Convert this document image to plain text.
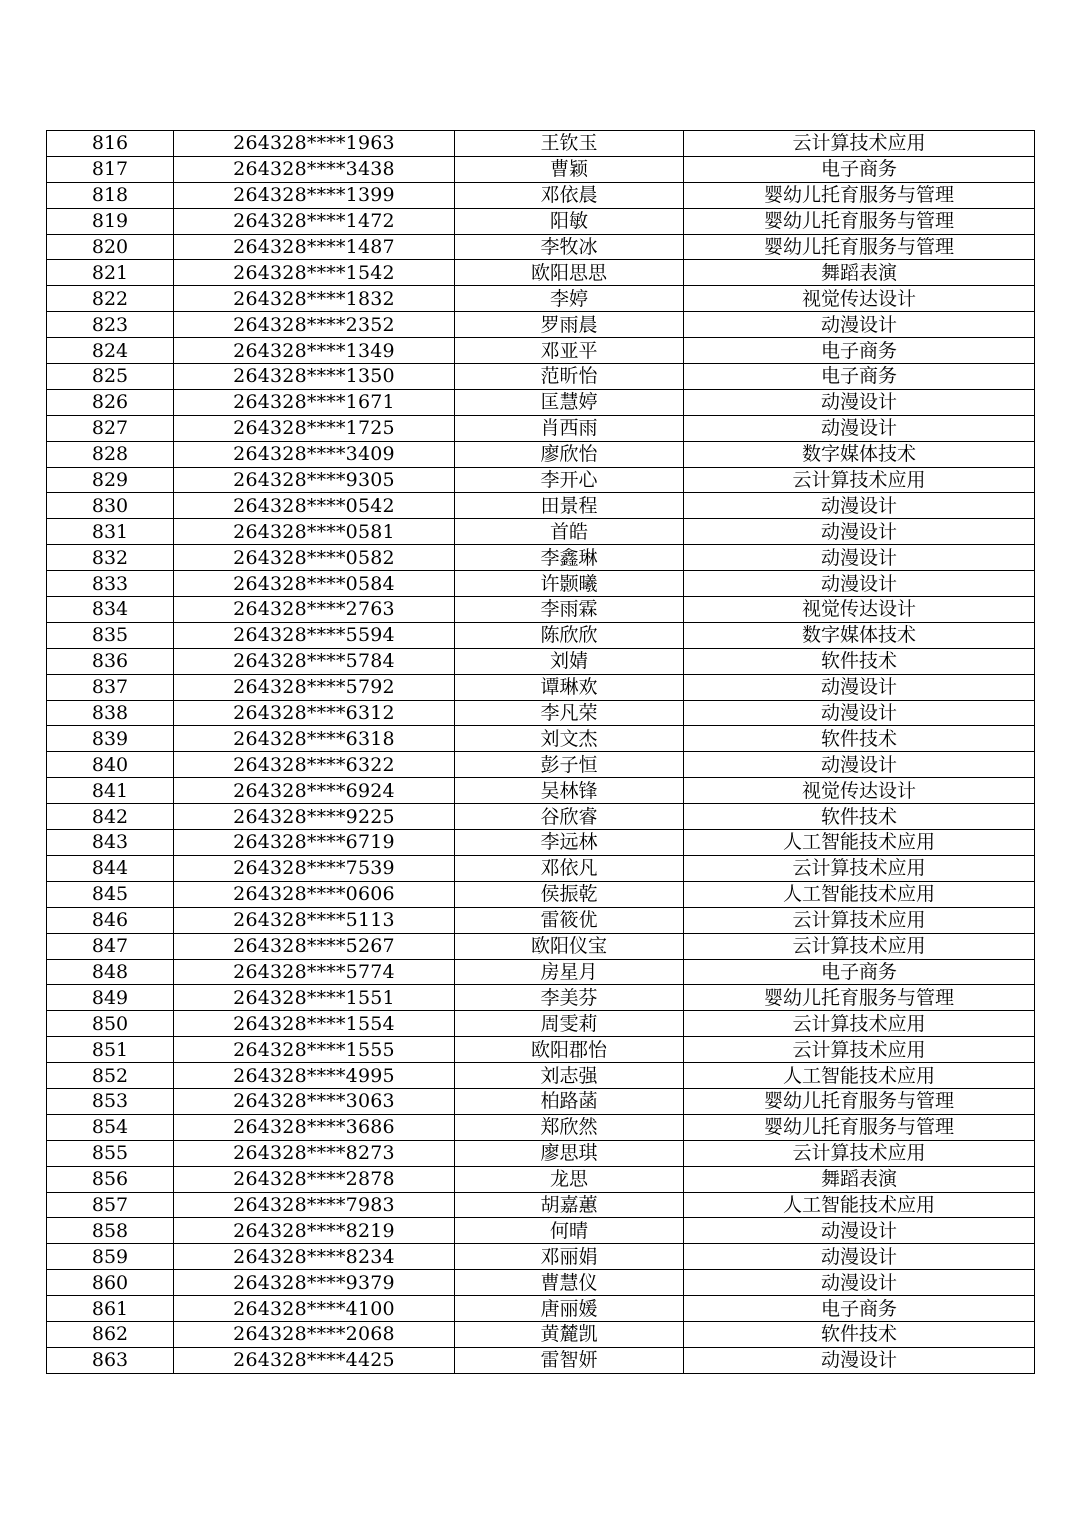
816	264328****1963	王钦玉	云计算技术应用
817	264328****3438	曹颖	电子商务
818	264328****1399	邓依晨	婴幼儿托育服务与管理
819	264328****1472	阳敏	婴幼儿托育服务与管理
820	264328****1487	李牧冰	婴幼儿托育服务与管理
821	264328****1542	欧阳思思	舞蹈表演
822	264328****1832	李婷	视觉传达设计
823	264328****2352	罗雨晨	动漫设计
824	264328****1349	邓亚平	电子商务
825	264328****1350	范昕怡	电子商务
826	264328****1671	匡慧婷	动漫设计
827	264328****1725	肖西雨	动漫设计
828	264328****3409	廖欣怡	数字媒体技术
829	264328****9305	李开心	云计算技术应用
830	264328****0542	田景程	动漫设计
831	264328****0581	首皓	动漫设计
832	264328****0582	李鑫琳	动漫设计
833	264328****0584	许颢曦	动漫设计
834	264328****2763	李雨霖	视觉传达设计
835	264328****5594	陈欣欣	数字媒体技术
836	264328****5784	刘婧	软件技术
837	264328****5792	谭琳欢	动漫设计
838	264328****6312	李凡荣	动漫设计
839	264328****6318	刘文杰	软件技术
840	264328****6322	彭子恒	动漫设计
841	264328****6924	吴林锋	视觉传达设计
842	264328****9225	谷欣睿	软件技术
843	264328****6719	李远林	人工智能技术应用
844	264328****7539	邓依凡	云计算技术应用
845	264328****0606	侯振乾	人工智能技术应用
846	264328****5113	雷筱优	云计算技术应用
847	264328****5267	欧阳仪宝	云计算技术应用
848	264328****5774	房星月	电子商务
849	264328****1551	李美芬	婴幼儿托育服务与管理
850	264328****1554	周雯莉	云计算技术应用
851	264328****1555	欧阳郡怡	云计算技术应用
852	264328****4995	刘志强	人工智能技术应用
853	264328****3063	柏路菡	婴幼儿托育服务与管理
854	264328****3686	郑欣然	婴幼儿托育服务与管理
855	264328****8273	廖思琪	云计算技术应用
856	264328****2878	龙思	舞蹈表演
857	264328****7983	胡嘉蕙	人工智能技术应用
858	264328****8219	何晴	动漫设计
859	264328****8234	邓丽娟	动漫设计
860	264328****9379	曹慧仪	动漫设计
861	264328****4100	唐丽媛	电子商务
862	264328****2068	黄麓凯	软件技术
863	264328****4425	雷智妍	动漫设计
